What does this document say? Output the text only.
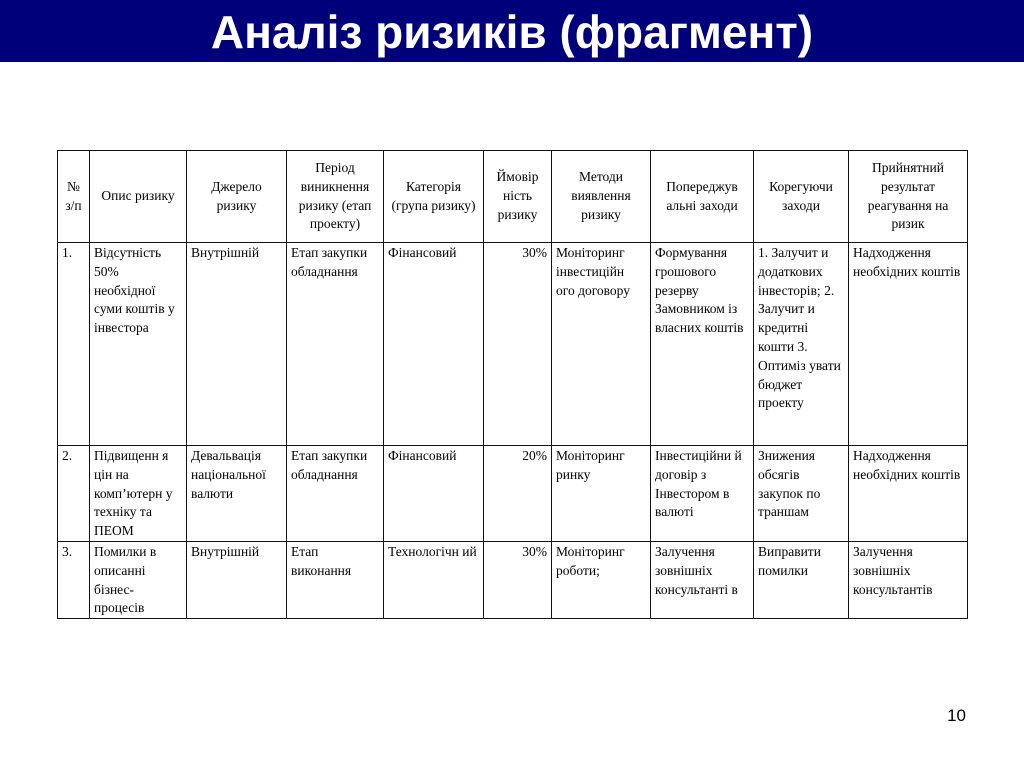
Аналіз ризиків (фрагмент)
№ з/п	Опис ризику	Джерело ризику	Період виникнення ризику (етап проекту)	Категорія (група ризику)	Ймовір ність ризику	Методи виявлення ризику	Попереджув альні заходи	Корегуючи заходи	Прийнятний результат реагування на ризик
1.	Відсутність 50% необхідної суми коштів у інвестора	Внутрішній	Етап закупки обладнання	Фінансовий	30%	Моніторинг інвестиційн ого договору	Формування грошового резерву Замовником із власних коштів	1. Залучит и додаткових інвесторів; 2. Залучит и кредитні кошти 3. Оптиміз увати бюджет проекту	Надходження необхідних коштів
2.	Підвищенн я цін на комп’ютерн у техніку та ПЕОМ	Девальвація національної валюти	Етап закупки обладнання	Фінансовий	20%	Моніторинг ринку	Інвестиційни й договір з Інвестором в валюті	Знижения обсягів закупок по траншам	Надходження необхідних коштів
3.	Помилки в описанні бізнес-процесів	Внутрішній	Етап виконання	Технологічн ий	30%	Моніторинг роботи;	Залучення зовнішніх консультанті в	Виправити помилки	Залучення зовнішніх консультантів
10
